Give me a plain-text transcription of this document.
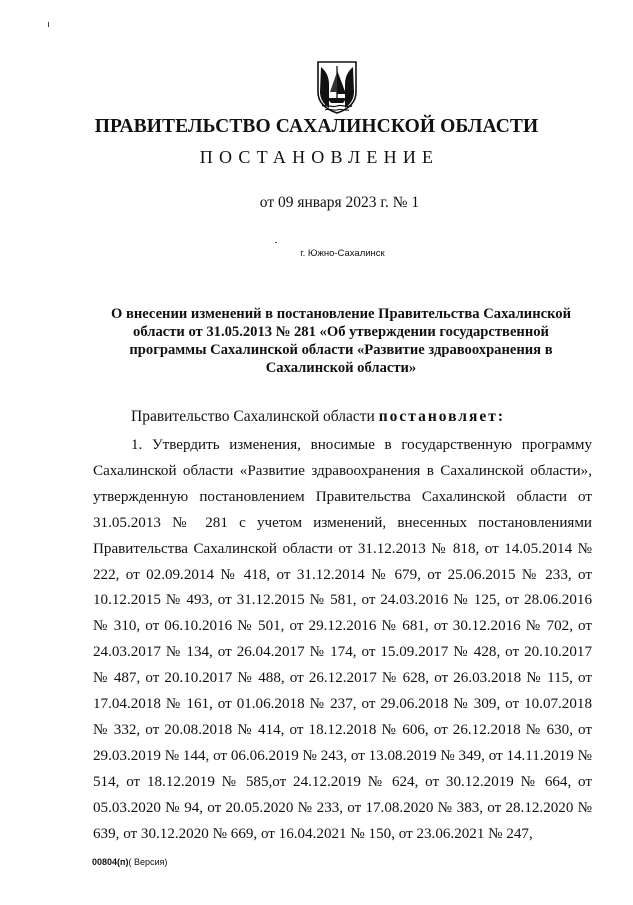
ПРАВИТЕЛЬСТВО САХАЛИНСКОЙ ОБЛАСТИ
ПОСТАНОВЛЕНИЕ
от 09 января 2023 г. № 1
г. Южно-Сахалинск
О внесении изменений в постановление Правительства Сахалинской области от 31.05.2013 № 281 «Об утверждении государственной программы Сахалинской области «Развитие здравоохранения в Сахалинской области»
Правительство Сахалинской области постановляет:
1. Утвердить изменения, вносимые в государственную программу Сахалинской области «Развитие здравоохранения в Сахалинской области», утвержденную постановлением Правительства Сахалинской области от 31.05.2013 № 281 с учетом изменений, внесенных постановлениями Правительства Сахалинской области от 31.12.2013 № 818, от 14.05.2014 № 222, от 02.09.2014 № 418, от 31.12.2014 № 679, от 25.06.2015 № 233, от 10.12.2015 № 493, от 31.12.2015 № 581, от 24.03.2016 № 125, от 28.06.2016 № 310, от 06.10.2016 № 501, от 29.12.2016 № 681, от 30.12.2016 № 702, от 24.03.2017 № 134, от 26.04.2017 № 174, от 15.09.2017 № 428, от 20.10.2017 № 487, от 20.10.2017 № 488, от 26.12.2017 № 628, от 26.03.2018 № 115, от 17.04.2018 № 161, от 01.06.2018 № 237, от 29.06.2018 № 309, от 10.07.2018 № 332, от 20.08.2018 № 414, от 18.12.2018 № 606, от 26.12.2018 № 630, от 29.03.2019 № 144, от 06.06.2019 № 243, от 13.08.2019 № 349, от 14.11.2019 № 514, от 18.12.2019 № 585,от 24.12.2019 № 624, от 30.12.2019 № 664, от 05.03.2020 № 94, от 20.05.2020 № 233, от 17.08.2020 № 383, от 28.12.2020 № 639, от 30.12.2020 № 669, от 16.04.2021 № 150, от 23.06.2021 № 247,
00804(п)( Версия)
